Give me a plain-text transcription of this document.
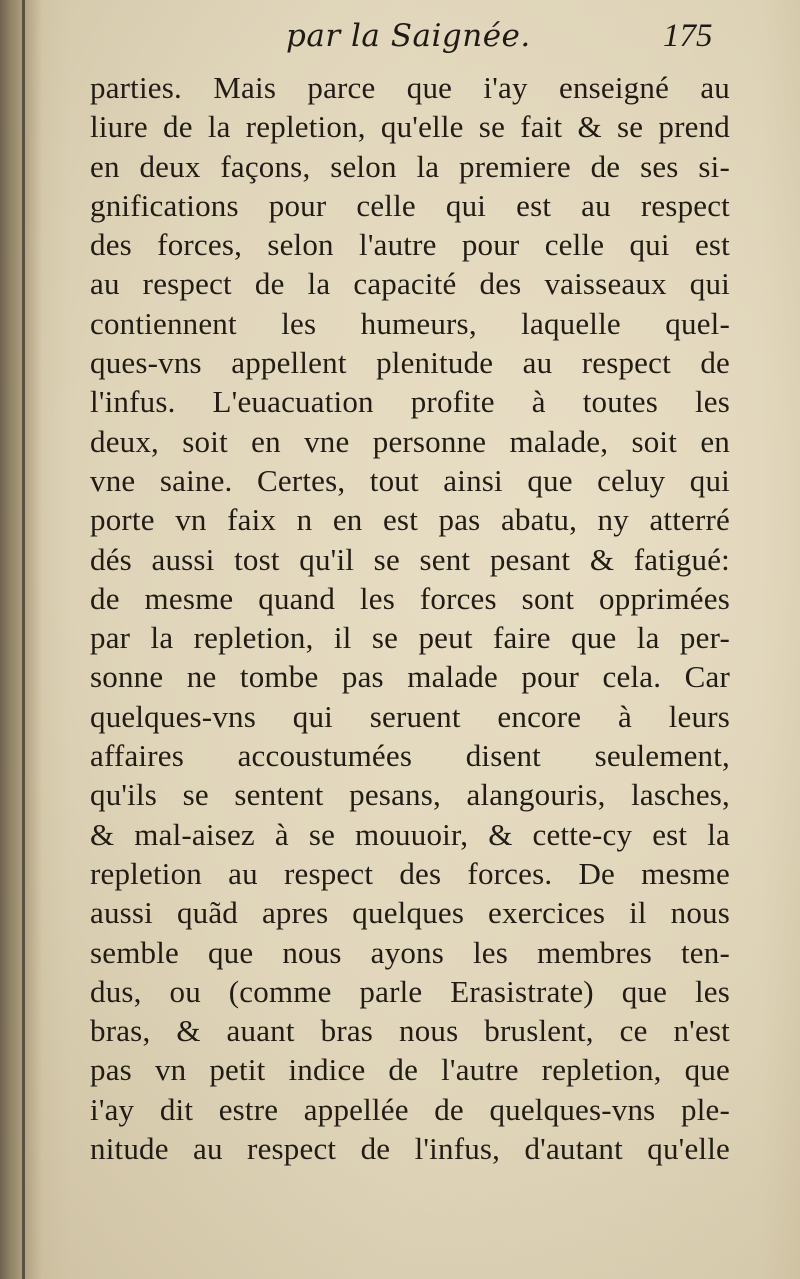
par la Saignée.	175
parties. Mais parce que i'ay enseigné au
liure de la repletion, qu'elle se fait & se prend
en deux façons, selon la premiere de ses si-
gnifications pour celle qui est au respect
des forces, selon l'autre pour celle qui est
au respect de la capacité des vaisseaux qui
contiennent les humeurs, laquelle quel-
ques-vns appellent plenitude au respect de
l'infus. L'euacuation profite à toutes les
deux, soit en vne personne malade, soit en
vne saine. Certes, tout ainsi que celuy qui
porte vn faix n en est pas abatu, ny atterré
dés aussi tost qu'il se sent pesant & fatigué:
de mesme quand les forces sont opprimées
par la repletion, il se peut faire que la per-
sonne ne tombe pas malade pour cela. Car
quelques-vns qui seruent encore à leurs
affaires accoustumées disent seulement,
qu'ils se sentent pesans, alangouris, lasches,
& mal-aisez à se mouuoir, & cette-cy est la
repletion au respect des forces. De mesme
aussi quãd apres quelques exercices il nous
semble que nous ayons les membres ten-
dus, ou (comme parle Erasistrate) que les
bras, & auant bras nous bruslent, ce n'est
pas vn petit indice de l'autre repletion, que
i'ay dit estre appellée de quelques-vns ple-
nitude au respect de l'infus, d'autant qu'elle
